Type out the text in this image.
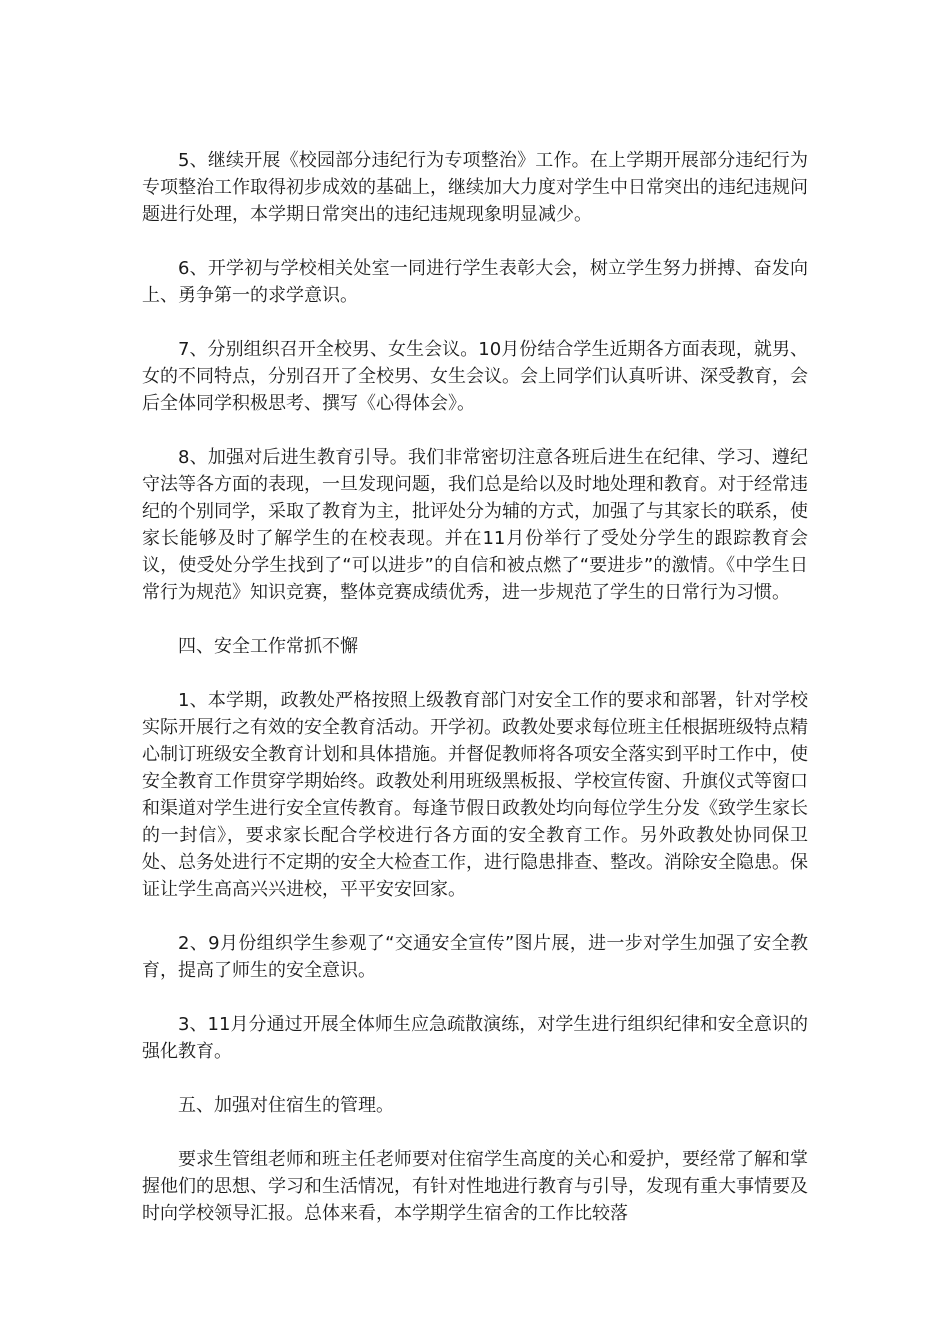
5、继续开展《校园部分违纪行为专项整治》工作。在上学期开展部分违纪行为专项整治工作取得初步成效的基础上，继续加大力度对学生中日常突出的违纪违规问题进行处理，本学期日常突出的违纪违规现象明显减少。

6、开学初与学校相关处室一同进行学生表彰大会，树立学生努力拼搏、奋发向上、勇争第一的求学意识。

7、分别组织召开全校男、女生会议。10月份结合学生近期各方面表现，就男、女的不同特点，分别召开了全校男、女生会议。会上同学们认真听讲、深受教育，会后全体同学积极思考、撰写《心得体会》。

8、加强对后进生教育引导。我们非常密切注意各班后进生在纪律、学习、遵纪守法等各方面的表现，一旦发现问题，我们总是给以及时地处理和教育。对于经常违纪的个别同学，采取了教育为主，批评处分为辅的方式，加强了与其家长的联系，使家长能够及时了解学生的在校表现。并在11月份举行了受处分学生的跟踪教育会议，使受处分学生找到了“可以进步”的自信和被点燃了“要进步”的激情。《中学生日常行为规范》知识竞赛，整体竞赛成绩优秀，进一步规范了学生的日常行为习惯。

四、安全工作常抓不懈

1、本学期，政教处严格按照上级教育部门对安全工作的要求和部署，针对学校实际开展行之有效的安全教育活动。开学初。政教处要求每位班主任根据班级特点精心制订班级安全教育计划和具体措施。并督促教师将各项安全落实到平时工作中，使安全教育工作贯穿学期始终。政教处利用班级黑板报、学校宣传窗、升旗仪式等窗口和渠道对学生进行安全宣传教育。每逢节假日政教处均向每位学生分发《致学生家长的一封信》，要求家长配合学校进行各方面的安全教育工作。另外政教处协同保卫处、总务处进行不定期的安全大检查工作，进行隐患排查、整改。消除安全隐患。保证让学生高高兴兴进校，平平安安回家。

2、9月份组织学生参观了“交通安全宣传”图片展，进一步对学生加强了安全教育，提高了师生的安全意识。

3、11月分通过开展全体师生应急疏散演练，对学生进行组织纪律和安全意识的强化教育。

五、加强对住宿生的管理。

要求生管组老师和班主任老师要对住宿学生高度的关心和爱护，要经常了解和掌握他们的思想、学习和生活情况，有针对性地进行教育与引导，发现有重大事情要及时向学校领导汇报。总体来看，本学期学生宿舍的工作比较落
